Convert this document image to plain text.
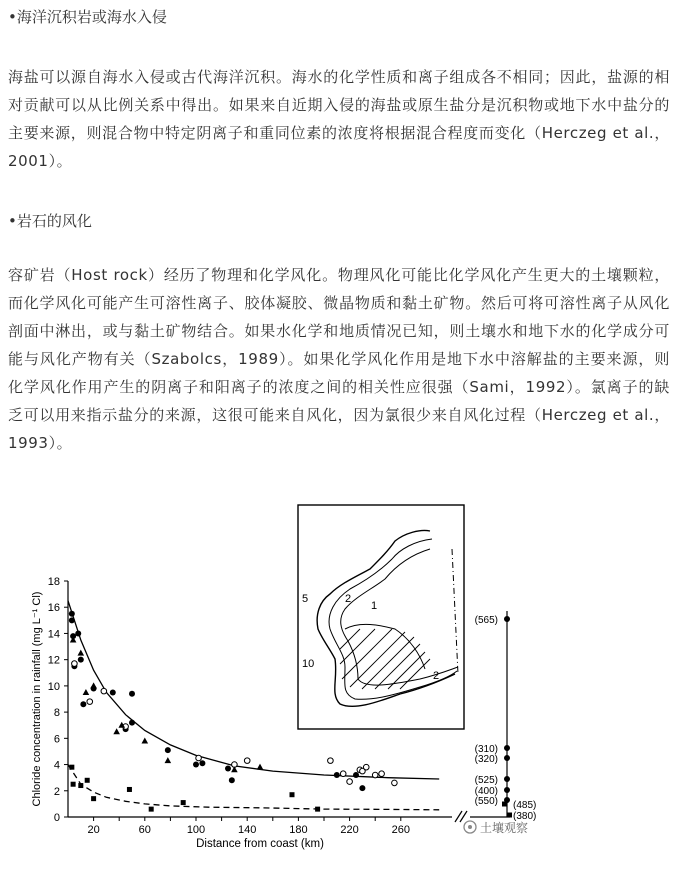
•海洋沉积岩或海水入侵
海盐可以源自海水入侵或古代海洋沉积。海水的化学性质和离子组成各不相同；因此，盐源的相对贡献可以从比例关系中得出。如果来自近期入侵的海盐或原生盐分是沉积物或地下水中盐分的主要来源，则混合物中特定阴离子和重同位素的浓度将根据混合程度而变化（Herczeg et al.，2001）。
•岩石的风化
容矿岩（Host rock）经历了物理和化学风化。物理风化可能比化学风化产生更大的土壤颗粒，而化学风化可能产生可溶性离子、胶体凝胶、微晶物质和黏土矿物。然后可将可溶性离子从风化剖面中淋出，或与黏土矿物结合。如果水化学和地质情况已知，则土壤水和地下水的化学成分可能与风化产物有关（Szabolcs，1989）。如果化学风化作用是地下水中溶解盐的主要来源，则化学风化作用产生的阴离子和阳离子的浓度之间的相关性应很强（Sami，1992）。氯离子的缺乏可以用来指示盐分的来源，这很可能来自风化，因为氯很少来自风化过程（Herczeg et al.，1993）。
2
1
5
10
2
0
2
4
6
8
10
12
14
16
18
20	60	100	140	180	220	260
Chloride concentration in rainfall (mg L⁻¹ Cl)
Distance from coast (km)
(565)
(310)
(320)
(525)
(400)
(550) (485)
(380)
土壤观察
